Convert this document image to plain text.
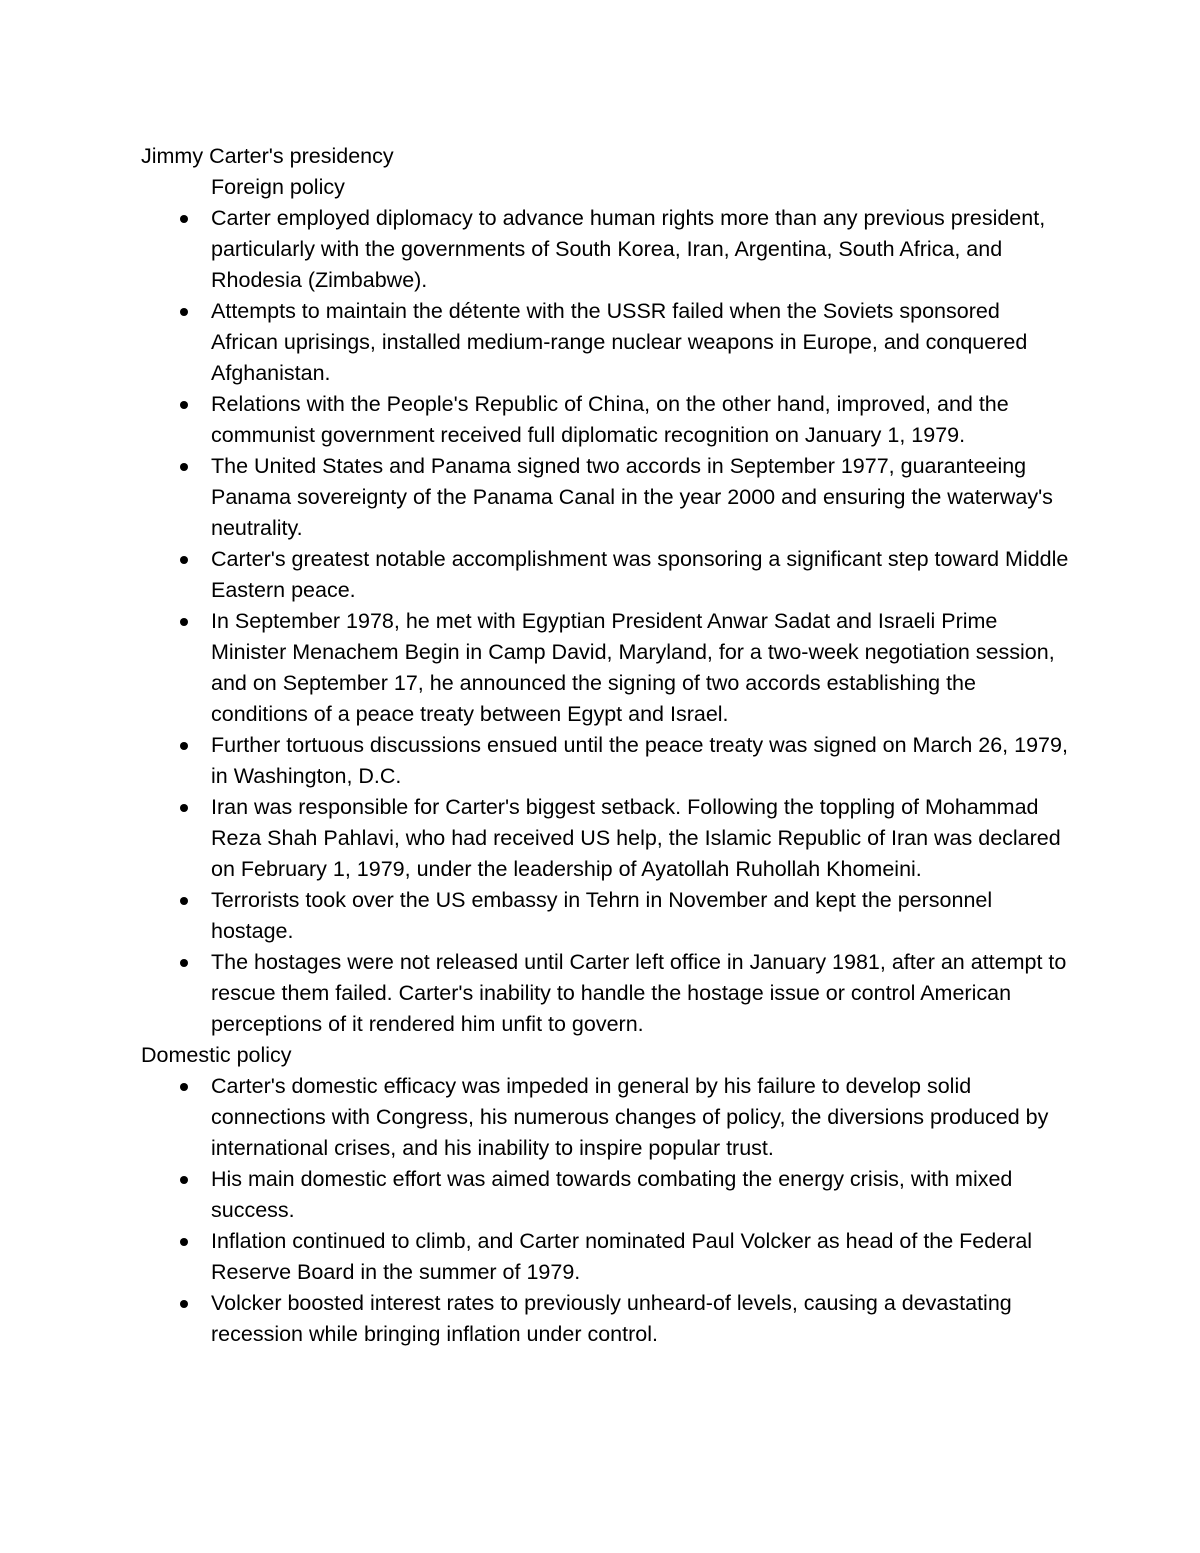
Jimmy Carter's presidency

Foreign policy

Carter employed diplomacy to advance human rights more than any previous president, particularly with the governments of South Korea, Iran, Argentina, South Africa, and Rhodesia (Zimbabwe).
Attempts to maintain the détente with the USSR failed when the Soviets sponsored African uprisings, installed medium-range nuclear weapons in Europe, and conquered Afghanistan.
Relations with the People's Republic of China, on the other hand, improved, and the communist government received full diplomatic recognition on January 1, 1979.
The United States and Panama signed two accords in September 1977, guaranteeing Panama sovereignty of the Panama Canal in the year 2000 and ensuring the waterway's neutrality.
Carter's greatest notable accomplishment was sponsoring a significant step toward Middle Eastern peace.
In September 1978, he met with Egyptian President Anwar Sadat and Israeli Prime Minister Menachem Begin in Camp David, Maryland, for a two-week negotiation session, and on September 17, he announced the signing of two accords establishing the conditions of a peace treaty between Egypt and Israel.
Further tortuous discussions ensued until the peace treaty was signed on March 26, 1979, in Washington, D.C.
Iran was responsible for Carter's biggest setback. Following the toppling of Mohammad Reza Shah Pahlavi, who had received US help, the Islamic Republic of Iran was declared on February 1, 1979, under the leadership of Ayatollah Ruhollah Khomeini.
Terrorists took over the US embassy in Tehrn in November and kept the personnel hostage.
The hostages were not released until Carter left office in January 1981, after an attempt to rescue them failed. Carter's inability to handle the hostage issue or control American perceptions of it rendered him unfit to govern.

Domestic policy

Carter's domestic efficacy was impeded in general by his failure to develop solid connections with Congress, his numerous changes of policy, the diversions produced by international crises, and his inability to inspire popular trust.
His main domestic effort was aimed towards combating the energy crisis, with mixed success.
Inflation continued to climb, and Carter nominated Paul Volcker as head of the Federal Reserve Board in the summer of 1979.
Volcker boosted interest rates to previously unheard-of levels, causing a devastating recession while bringing inflation under control.
